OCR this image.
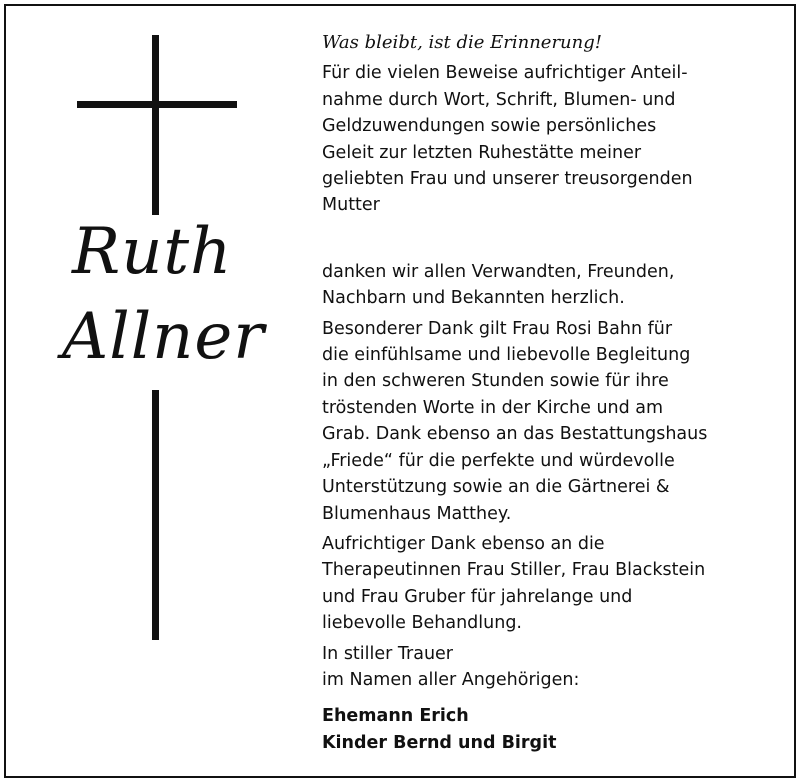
Ruth
Allner
Was bleibt, ist die Erinnerung!
Für die vielen Beweise aufrichtiger Anteil-
nahme durch Wort, Schrift, Blumen- und
Geldzuwendungen sowie persönliches
Geleit zur letzten Ruhestätte meiner
geliebten Frau und unserer treusorgenden
Mutter
danken wir allen Verwandten, Freunden,
Nachbarn und Bekannten herzlich.
Besonderer Dank gilt Frau Rosi Bahn für
die einfühlsame und liebevolle Begleitung
in den schweren Stunden sowie für ihre
tröstenden Worte in der Kirche und am
Grab. Dank ebenso an das Bestattungshaus
„Friede“ für die perfekte und würdevolle
Unterstützung sowie an die Gärtnerei &
Blumenhaus Matthey.
Aufrichtiger Dank ebenso an die
Therapeutinnen Frau Stiller, Frau Blackstein
und Frau Gruber für jahrelange und
liebevolle Behandlung.
In stiller Trauer
im Namen aller Angehörigen:
Ehemann Erich
Kinder Bernd und Birgit
